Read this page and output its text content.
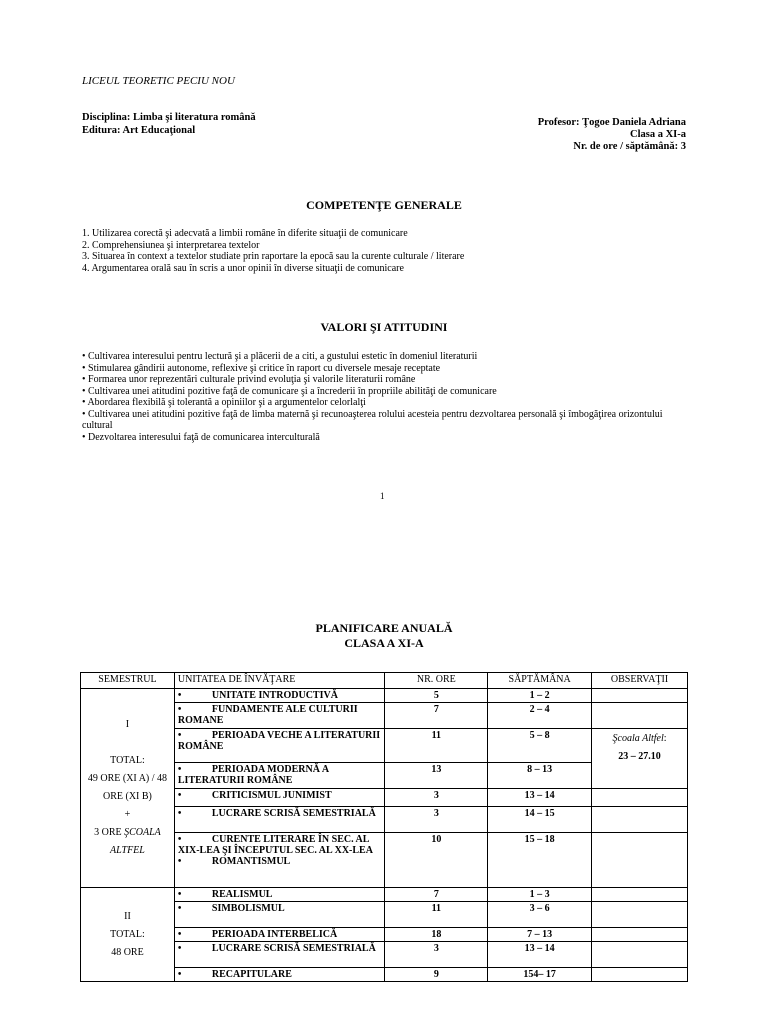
LICEUL TEORETIC PECIU NOU
Disciplina: Limba şi literatura română
Editura: Art Educaţional
Profesor: Ţogoe Daniela Adriana
Clasa a XI-a
Nr. de ore / săptămână: 3
COMPETENŢE GENERALE
1. Utilizarea corectă şi adecvată a limbii române în diferite situaţii de comunicare
2. Comprehensiunea şi interpretarea textelor
3. Situarea în context a textelor studiate prin raportare la epocă sau la curente culturale / literare
4. Argumentarea orală sau în scris a unor opinii în diverse situaţii de comunicare
VALORI ŞI ATITUDINI
• Cultivarea interesului pentru lectură şi a plăcerii de a citi, a gustului estetic în domeniul literaturii
• Stimularea gândirii autonome, reflexive şi critice în raport cu diversele mesaje receptate
• Formarea unor reprezentări culturale privind evoluţia şi valorile literaturii române
• Cultivarea unei atitudini pozitive faţă de comunicare şi a încrederii în propriile abilităţi de comunicare
• Abordarea flexibilă şi tolerantă a opiniilor şi a argumentelor celorlalţi
• Cultivarea unei atitudini pozitive faţă de limba maternă şi recunoaşterea rolului acesteia pentru dezvoltarea personală şi îmbogăţirea orizontului cultural
• Dezvoltarea interesului faţă de comunicarea interculturală
1
PLANIFICARE ANUALĂ
CLASA A XI-A
SEMESTRUL	UNITATEA DE ÎNVĂŢARE	NR. ORE	SĂPTĂMÂNA	OBSERVAŢII

I
TOTAL:
49 ORE (XI A) / 48 ORE (XI B)
+
3 ORE ŞCOALA ALTFEL	• UNITATE INTRODUCTIVĂ	5	1 – 2	
	• FUNDAMENTE ALE CULTURII ROMANE	7	2 – 4	
	• PERIOADA VECHE A LITERATURII ROMÂNE	11	5 – 8	Şcoala Altfel:
23 – 27.10

	• PERIOADA MODERNĂ A LITERATURII ROMÂNE	13	8 – 13	
	• CRITICISMUL JUNIMIST	3	13 – 14	
	• LUCRARE SCRISĂ SEMESTRIALĂ	3	14 – 15	

	• CURENTE LITERARE ÎN SEC. AL XIX-LEA ŞI ÎNCEPUTUL SEC. AL XX-LEA
• ROMANTISMUL	10	15 – 18	

II
TOTAL:
48 ORE	• REALISMUL	7	1 – 3	
	• SIMBOLISMUL	11	3 – 6	
	• PERIOADA INTERBELICĂ	18	7 – 13	
	• LUCRARE SCRISĂ SEMESTRIALĂ	3	13 – 14	
	• RECAPITULARE	9	154– 17	
